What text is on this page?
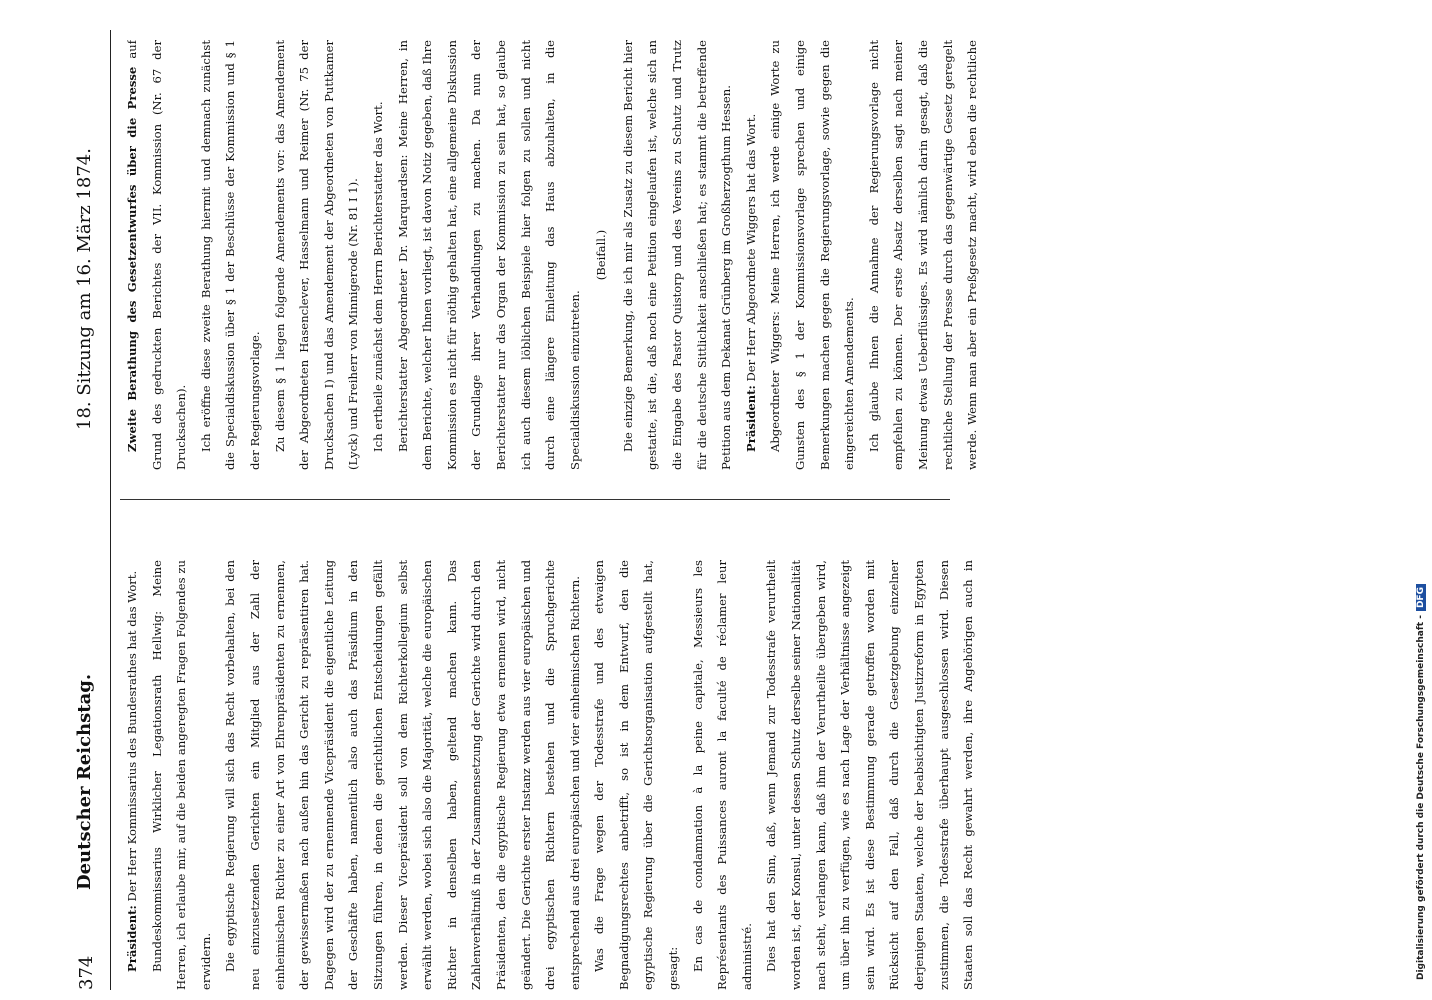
374
Deutscher Reichstag.
18. Sitzung am 16. März 1874.

Präsident: Der Herr Kommissarius des Bundesrathes hat das Wort. Bundeskommissarius Wirklicher Legationsrath Hellwig: Meine Herren, ich erlaube mir, auf die beiden angeregten Fragen Folgendes zu erwidern. Die egyptische Regierung will sich das Recht vorbehalten, bei den neu einzusetzenden Gerichten ein Mitglied aus der Zahl der einheimischen Richter zu einer Art von Ehrenpräsidenten zu ernennen, der gewissermaßen nach außen hin das Gericht zu repräsentiren hat. Dagegen wird der zu ernennende Vicepräsident die eigentliche Leitung der Geschäfte haben, namentlich also auch das Präsidium in den Sitzungen führen, in denen die gerichtlichen Entscheidungen gefällt werden. Dieser Vicepräsident soll von dem Richterkollegium selbst erwählt werden, wobei sich also die Majorität, welche die europäischen Richter in denselben haben, geltend machen kann. Das Zahlenverhältniß in der Zusammensetzung der Gerichte wird durch den Präsidenten, den die egyptische Regierung etwa ernennen wird, nicht geändert. Die Gerichte erster Instanz werden aus vier europäischen und drei egyptischen Richtern bestehen und die Spruchgerichte entsprechend aus drei europäischen und vier einheimischen Richtern. Was die Frage wegen der Todesstrafe und des etwaigen Begnadigungsrechtes anbetrifft, so ist in dem Entwurf, den die egyptische Regierung über die Gerichtsorganisation aufgestellt hat, gesagt: En cas de condamnation à la peine capitale, Messieurs les Représentants des Puissances auront la faculté de réclamer leur administré. Dies hat den Sinn, daß, wenn Jemand zur Todesstrafe verurtheilt worden ist, der Konsul, unter dessen Schutz derselbe seiner Nationalität nach steht, verlangen kann, daß ihm der Verurtheilte übergeben wird, um über ihn zu verfügen, wie es nach Lage der Verhältnisse angezeigt sein wird. Es ist diese Bestimmung gerade getroffen worden mit Rücksicht auf den Fall, daß durch die Gesetzgebung einzelner derjenigen Staaten, welche der beabsichtigten Justizreform in Egypten zustimmen, die Todesstrafe überhaupt ausgeschlossen wird. Diesen Staaten soll das Recht gewahrt werden, ihre Angehörigen auch in

Zweite Berathung des Gesetzentwurfes über die Presse auf Grund des gedruckten Berichtes der VII. Kommission (Nr. 67 der Drucksachen). Ich eröffne diese zweite Berathung hiermit und demnach zunächst die Specialdiskussion über § 1 der Beschlüsse der Kommission und § 1 der Regierungsvorlage. Zu diesem § 1 liegen folgende Amendements vor: das Amendement der Abgeordneten Hasenclever, Hasselmann und Reimer (Nr. 75 der Drucksachen I) und das Amendement der Abgeordneten von Puttkamer (Lyck) und Freiherr von Minnigerode (Nr. 81 I 1). Ich ertheile zunächst dem Herrn Berichterstatter das Wort. Berichterstatter Abgeordneter Dr. Marquardsen: Meine Herren, in dem Berichte, welcher Ihnen vorliegt, ist davon Notiz gegeben, daß Ihre Kommission es nicht für nöthig gehalten hat, eine allgemeine Diskussion der Grundlage ihrer Verhandlungen zu machen. Da nun der Berichterstatter nur das Organ der Kommission zu sein hat, so glaube ich auch diesem löblichen Beispiele hier folgen zu sollen und nicht durch eine längere Einleitung das Haus abzuhalten, in die Specialdiskussion einzutreten.

(Beifall.)	Die einzige Bemerkung, die ich mir als Zusatz zu diesem Bericht hier gestatte, ist die, daß noch eine Petition eingelaufen ist, welche sich an die Eingabe des Pastor Quistorp und des Vereins zu Schutz und Trutz für die deutsche Sittlichkeit anschließen hat; es stammt die betreffende Petition aus dem Dekanat Grünberg im Großherzogthum Hessen. Präsident: Der Herr Abgeordnete Wiggers hat das Wort. Abgeordneter Wiggers: Meine Herren, ich werde einige Worte zu Gunsten des § 1 der Kommissionsvorlage sprechen und einige Bemerkungen machen gegen die Regierungsvorlage, sowie gegen die eingereichten Amendements. Ich glaube Ihnen die Annahme der Regierungsvorlage nicht empfehlen zu können. Der erste Absatz derselben sagt nach meiner Meinung etwas Ueberflüssiges. Es wird nämlich darin gesagt, daß die rechtliche Stellung der Presse durch das gegenwärtige Gesetz geregelt werde. Wenn man aber ein Preßgesetz macht, wird eben die rechtliche

Digitalisierung gefördert durch die Deutsche Forschungsgemeinschaft -DFG
